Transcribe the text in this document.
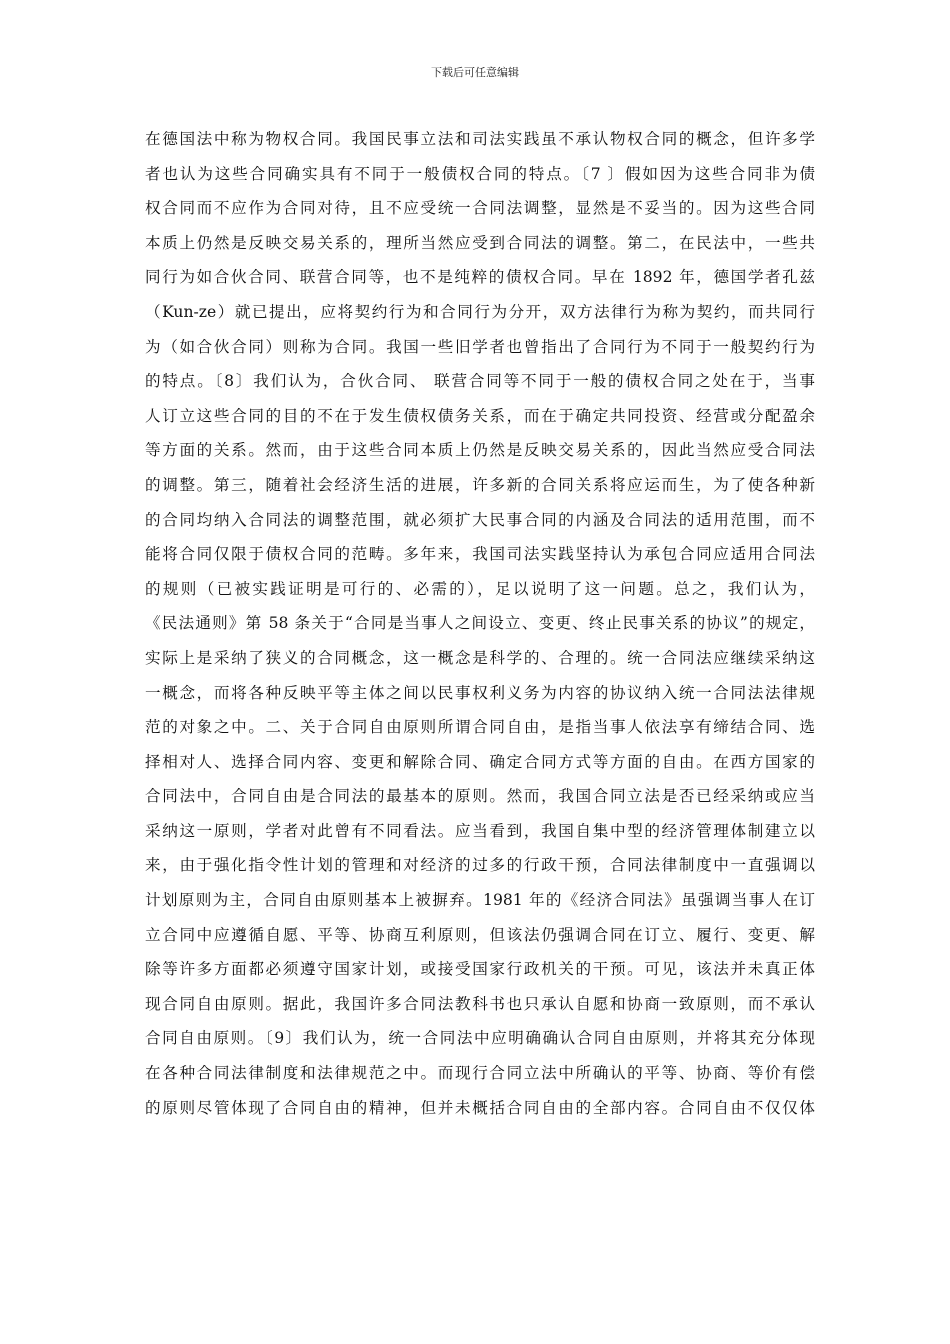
下载后可任意编辑
在德国法中称为物权合同。我国民事立法和司法实践虽不承认物权合同的概念，但许多学
者也认为这些合同确实具有不同于一般债权合同的特点。〔7 〕假如因为这些合同非为债
权合同而不应作为合同对待，且不应受统一合同法调整，显然是不妥当的。因为这些合同
本质上仍然是反映交易关系的，理所当然应受到合同法的调整。第二，在民法中，一些共
同行为如合伙合同、联营合同等，也不是纯粹的债权合同。早在 1892 年，德国学者孔兹
（Kun-ze）就已提出，应将契约行为和合同行为分开，双方法律行为称为契约，而共同行
为（如合伙合同）则称为合同。我国一些旧学者也曾指出了合同行为不同于一般契约行为
的特点。〔8〕我们认为，合伙合同、 联营合同等不同于一般的债权合同之处在于，当事
人订立这些合同的目的不在于发生债权债务关系，而在于确定共同投资、经营或分配盈余
等方面的关系。然而，由于这些合同本质上仍然是反映交易关系的，因此当然应受合同法
的调整。第三，随着社会经济生活的进展，许多新的合同关系将应运而生，为了使各种新
的合同均纳入合同法的调整范围，就必须扩大民事合同的内涵及合同法的适用范围，而不
能将合同仅限于债权合同的范畴。多年来，我国司法实践坚持认为承包合同应适用合同法
的规则（已被实践证明是可行的、必需的），足以说明了这一问题。总之，我们认为，
《民法通则》第 58 条关于“合同是当事人之间设立、变更、终止民事关系的协议”的规定，
实际上是采纳了狭义的合同概念，这一概念是科学的、合理的。统一合同法应继续采纳这
一概念，而将各种反映平等主体之间以民事权利义务为内容的协议纳入统一合同法法律规
范的对象之中。二、关于合同自由原则所谓合同自由，是指当事人依法享有缔结合同、选
择相对人、选择合同内容、变更和解除合同、确定合同方式等方面的自由。在西方国家的
合同法中，合同自由是合同法的最基本的原则。然而，我国合同立法是否已经采纳或应当
采纳这一原则，学者对此曾有不同看法。应当看到，我国自集中型的经济管理体制建立以
来，由于强化指令性计划的管理和对经济的过多的行政干预，合同法律制度中一直强调以
计划原则为主，合同自由原则基本上被摒弃。1981 年的《经济合同法》虽强调当事人在订
立合同中应遵循自愿、平等、协商互利原则，但该法仍强调合同在订立、履行、变更、解
除等许多方面都必须遵守国家计划，或接受国家行政机关的干预。可见，该法并未真正体
现合同自由原则。据此，我国许多合同法教科书也只承认自愿和协商一致原则，而不承认
合同自由原则。〔9〕我们认为，统一合同法中应明确确认合同自由原则，并将其充分体现
在各种合同法律制度和法律规范之中。而现行合同立法中所确认的平等、协商、等价有偿
的原则尽管体现了合同自由的精神，但并未概括合同自由的全部内容。合同自由不仅仅体
